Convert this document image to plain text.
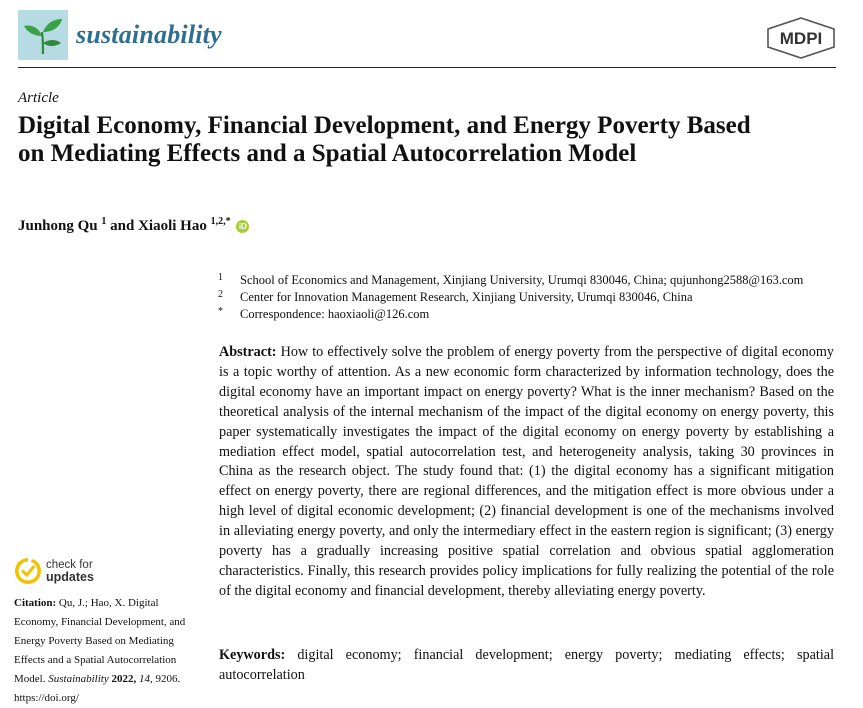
sustainability	MDPI
Article
Digital Economy, Financial Development, and Energy Poverty Based on Mediating Effects and a Spatial Autocorrelation Model
Junhong Qu $^1$ and Xiaoli Hao $^{1,2,*}$ iD
1 School of Economics and Management, Xinjiang University, Urumqi 830046, China; qujunhong2588@163.com
2 Center for Innovation Management Research, Xinjiang University, Urumqi 830046, China
* Correspondence: haoxiaoli@126.com

Abstract: How to effectively solve the problem of energy poverty from the perspective of digital economy is a topic worthy of attention. As a new economic form characterized by information technology, does the digital economy have an important impact on energy poverty? What is the inner mechanism? Based on the theoretical analysis of the internal mechanism of the impact of the digital economy on energy poverty, this paper systematically investigates the impact of the digital economy on energy poverty by establishing a mediation effect model, spatial autocorrelation test, and heterogeneity analysis, taking 30 provinces in China as the research object. The study found that: (1) the digital economy has a significant mitigation effect on energy poverty, there are regional differences, and the mitigation effect is more obvious under a high level of digital economic development; (2) financial development is one of the mechanisms involved in alleviating energy poverty, and only the intermediary effect in the eastern region is significant; (3) energy poverty has a gradually increasing positive spatial correlation and obvious spatial agglomeration characteristics. Finally, this research provides policy implications for fully realizing the potential of the role of the digital economy and financial development, thereby alleviating energy poverty.

Keywords: digital economy; financial development; energy poverty; mediating effects; spatial autocorrelation

check for
updates

Citation: Qu, J.; Hao, X. Digital Economy, Financial Development, and Energy Poverty Based on Mediating Effects and a Spatial Autocorrelation Model. Sustainability 2022, 14, 9206. https://doi.org/
